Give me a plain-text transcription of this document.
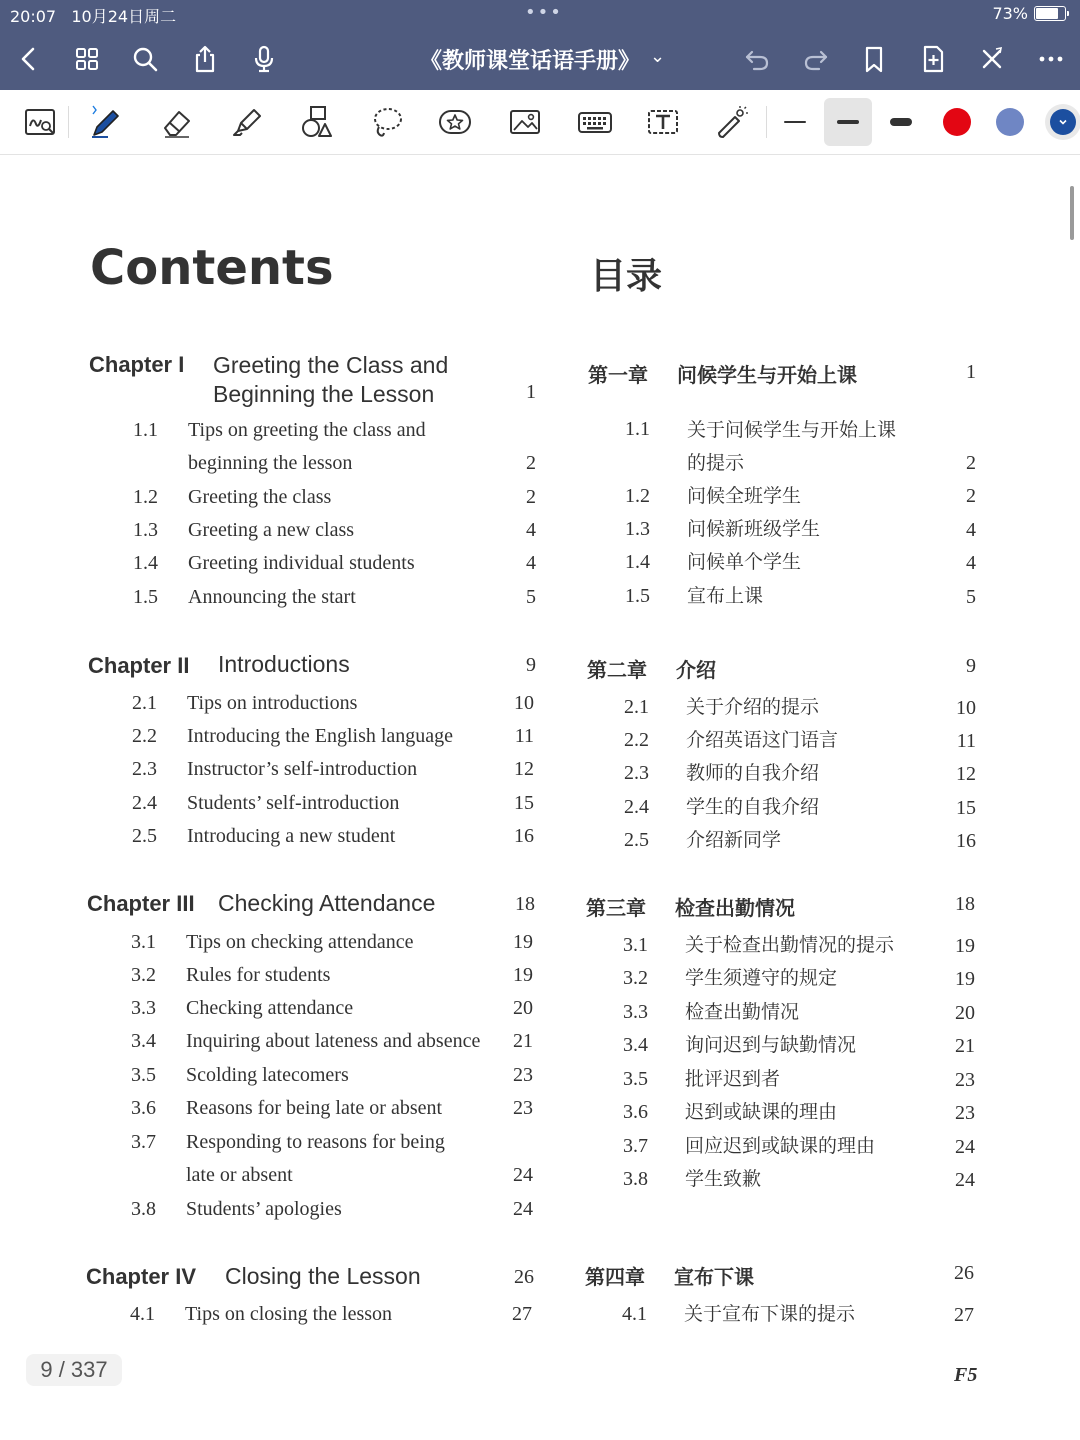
20:07 10月24日周二	•••	73%
《教师课堂话语手册》 ⌄
Contents	目录
Chapter I Greeting the Class and
Beginning the Lesson	1
1.1 Tips on greeting the class and
beginning the lesson	2
1.2 Greeting the class	2
1.3 Greeting a new class	4
1.4 Greeting individual students	4
1.5 Announcing the start	5
Chapter II Introductions	9
2.1 Tips on introductions	10
2.2 Introducing the English language	11
2.3 Instructor’s self-introduction	12
2.4 Students’ self-introduction	15
2.5 Introducing a new student	16
Chapter III Checking Attendance	18
3.1 Tips on checking attendance	19
3.2 Rules for students	19
3.3 Checking attendance	20
3.4 Inquiring about lateness and absence	21
3.5 Scolding latecomers	23
3.6 Reasons for being late or absent	23
3.7 Responding to reasons for being
late or absent	24
3.8 Students’ apologies	24
Chapter IV Closing the Lesson	26
4.1 Tips on closing the lesson	27
第一章 问候学生与开始上课	1
1.1 关于问候学生与开始上课
的提示	2
1.2 问候全班学生	2
1.3 问候新班级学生	4
1.4 问候单个学生	4
1.5 宣布上课	5
第二章 介绍	9
2.1 关于介绍的提示	10
2.2 介绍英语这门语言	11
2.3 教师的自我介绍	12
2.4 学生的自我介绍	15
2.5 介绍新同学	16
第三章 检查出勤情况	18
3.1 关于检查出勤情况的提示	19
3.2 学生须遵守的规定	19
3.3 检查出勤情况	20
3.4 询问迟到与缺勤情况	21
3.5 批评迟到者	23
3.6 迟到或缺课的理由	23
3.7 回应迟到或缺课的理由	24
3.8 学生致歉	24
第四章 宣布下课	26
4.1 关于宣布下课的提示	27
9 / 337	F5
